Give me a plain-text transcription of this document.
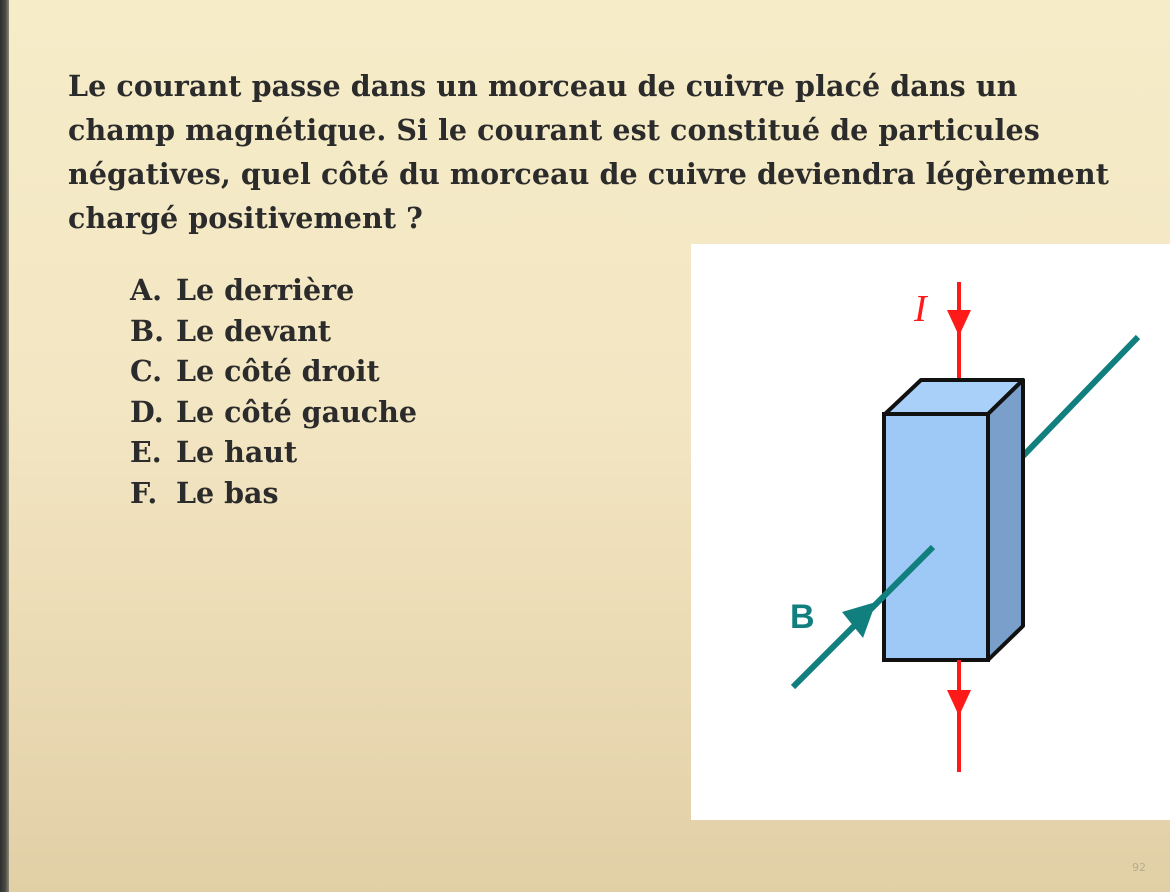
Le courant passe dans un morceau de cuivre placé dans un champ magnétique. Si le courant est constitué de particules négatives, quel côté du morceau de cuivre deviendra légèrement chargé positivement ?
A. Le derrière
B. Le devant
C. Le côté droit
D. Le côté gauche
E. Le haut
F. Le bas
I
B
92
